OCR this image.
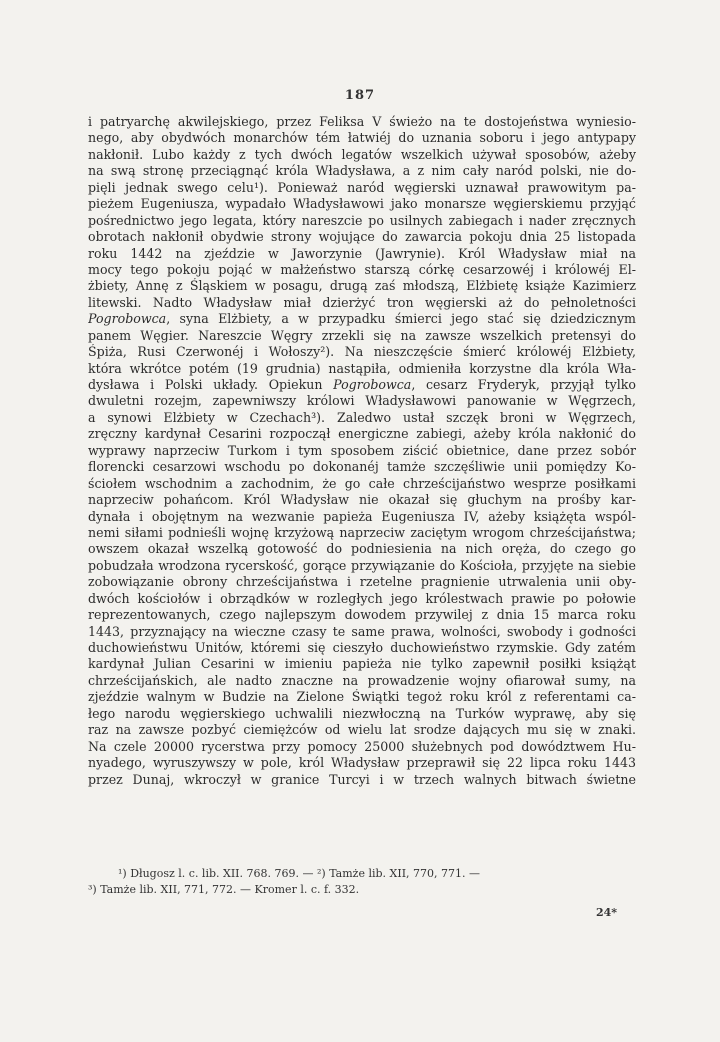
187
i patryarchę akwilejskiego, przez Feliksa V świeżo na te dostojeństwa wyniesio-
nego, aby obydwóch monarchów tém łatwiéj do uznania soboru i jego antypapy
nakłonił. Lubo każdy z tych dwóch legatów wszelkich używał sposobów, ażeby
na swą stronę przeciągnąć króla Władysława, a z nim cały naród polski, nie do-
pięli jednak swego celu¹). Ponieważ naród węgierski uznawał prawowitym pa-
pieżem Eugeniusza, wypadało Władysławowi jako monarsze węgierskiemu przyjąć
pośrednictwo jego legata, który nareszcie po usilnych zabiegach i nader zręcznych
obrotach nakłonił obydwie strony wojujące do zawarcia pokoju dnia 25 listopada
roku 1442 na zjeździe w Jaworzynie (Jawrynie). Król Władysław miał na
mocy tego pokoju pojąć w małżeństwo starszą córkę cesarzowéj i królowéj El-
żbiety, Annę z Śląskiem w posagu, drugą zaś młodszą, Elżbietę książe Kazimierz
litewski. Nadto Władysław miał dzierżyć tron węgierski aż do pełnoletności
Pogrobowca, syna Elżbiety, a w przypadku śmierci jego stać się dziedzicznym
panem Węgier. Nareszcie Węgry zrzekli się na zawsze wszelkich pretensyi do
Śpiża, Rusi Czerwonéj i Wołoszy²). Na nieszczęście śmierć królowéj Elżbiety,
która wkrótce potém (19 grudnia) nastąpiła, odmieniła korzystne dla króla Wła-
dysława i Polski układy. Opiekun Pogrobowca, cesarz Fryderyk, przyjął tylko
dwuletni rozejm, zapewniwszy królowi Władysławowi panowanie w Węgrzech,
a synowi Elżbiety w Czechach³). Zaledwo ustał szczęk broni w Węgrzech,
zręczny kardynał Cesarini rozpoczął energiczne zabiegi, ażeby króla nakłonić do
wyprawy naprzeciw Turkom i tym sposobem ziścić obietnice, dane przez sobór
florencki cesarzowi wschodu po dokonanéj tamże szczęśliwie unii pomiędzy Ko-
ściołem wschodnim a zachodnim, że go całe chrześcijaństwo wesprze posiłkami
naprzeciw pohańcom. Król Władysław nie okazał się głuchym na prośby kar-
dynała i obojętnym na wezwanie papieża Eugeniusza IV, ażeby książęta wspól-
nemi siłami podnieśli wojnę krzyżową naprzeciw zaciętym wrogom chrześcijaństwa;
owszem okazał wszelką gotowość do podniesienia na nich oręża, do czego go
pobudzała wrodzona rycerskość, gorące przywiązanie do Kościoła, przyjęte na siebie
zobowiązanie obrony chrześcijaństwa i rzetelne pragnienie utrwalenia unii oby-
dwóch kościołów i obrządków w rozległych jego królestwach prawie po połowie
reprezentowanych, czego najlepszym dowodem przywilej z dnia 15 marca roku
1443, przyznający na wieczne czasy te same prawa, wolności, swobody i godności
duchowieństwu Unitów, któremi się cieszyło duchowieństwo rzymskie. Gdy zatém
kardynał Julian Cesarini w imieniu papieża nie tylko zapewnił posiłki książąt
chrześcijańskich, ale nadto znaczne na prowadzenie wojny ofiarował sumy, na
zjeździe walnym w Budzie na Zielone Świątki tegoż roku król z referentami ca-
łego narodu węgierskiego uchwalili niezwłoczną na Turków wyprawę, aby się
raz na zawsze pozbyć ciemiężców od wielu lat srodze dających mu się w znaki.
Na czele 20000 rycerstwa przy pomocy 25000 służebnych pod dowództwem Hu-
nyadego, wyruszywszy w pole, król Władysław przeprawił się 22 lipca roku 1443
przez Dunaj, wkroczył w granice Turcyi i w trzech walnych bitwach świetne
¹) Długosz l. c. lib. XII. 768. 769. — ²) Tamże lib. XII, 770, 771. —
³) Tamże lib. XII, 771, 772. — Kromer l. c. f. 332.
24*
